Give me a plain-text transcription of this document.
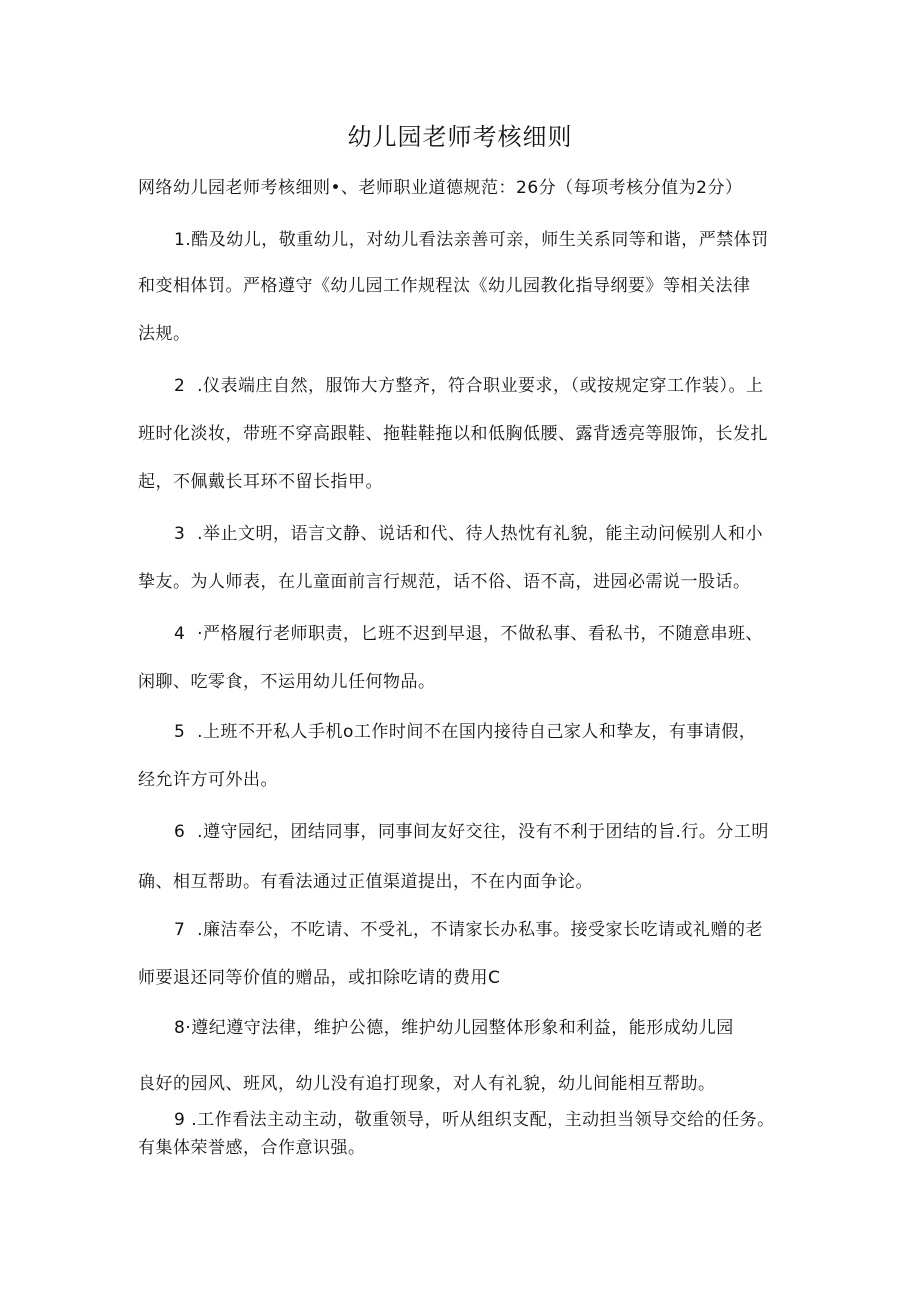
幼儿园老师考核细则
网络幼儿园老师考核细则•、老师职业道德规范：26分（每项考核分值为2分）
1.酷及幼儿，敬重幼儿，对幼儿看法亲善可亲，师生关系同等和谐，严禁体罚
和变相体罚。严格遵守《幼儿园工作规程汰《幼儿园教化指导纲要》等相关法律
法规。
2  .仪表端庄自然，服饰大方整齐，符合职业要求，（或按规定穿工作装）。上
班时化淡妆，带班不穿高跟鞋、拖鞋鞋拖以和低胸低腰、露背透亮等服饰，长发扎
起，不佩戴长耳环不留长指甲。
3  .举止文明，语言文静、说话和代、待人热忱有礼貌，能主动问候别人和小
挚友。为人师表，在儿童面前言行规范，话不俗、语不高，进园必需说一股话。
4  ·严格履行老师职责，匕班不迟到早退，不做私事、看私书，不随意串班、
闲聊、吃零食，不运用幼儿任何物品。
5  .上班不开私人手机o工作时间不在国内接待自己家人和挚友，有事请假，
经允许方可外出。
6  .遵守园纪，团结同事，同事间友好交往，没有不利于团结的旨.行。分工明
确、相互帮助。有看法通过正值渠道提出，不在内面争论。
7  .廉洁奉公，不吃请、不受礼，不请家长办私事。接受家长吃请或礼赠的老
师要退还同等价值的赠品，或扣除吃请的费用C
8·遵纪遵守法律，维护公德，维护幼儿园整体形象和利益，能形成幼儿园
良好的园风、班风，幼儿没有追打现象，对人有礼貌，幼儿间能相互帮助。
9 .工作看法主动主动，敬重领导，听从组织支配，主动担当领导交给的任务。
有集体荣誉感，合作意识强。
